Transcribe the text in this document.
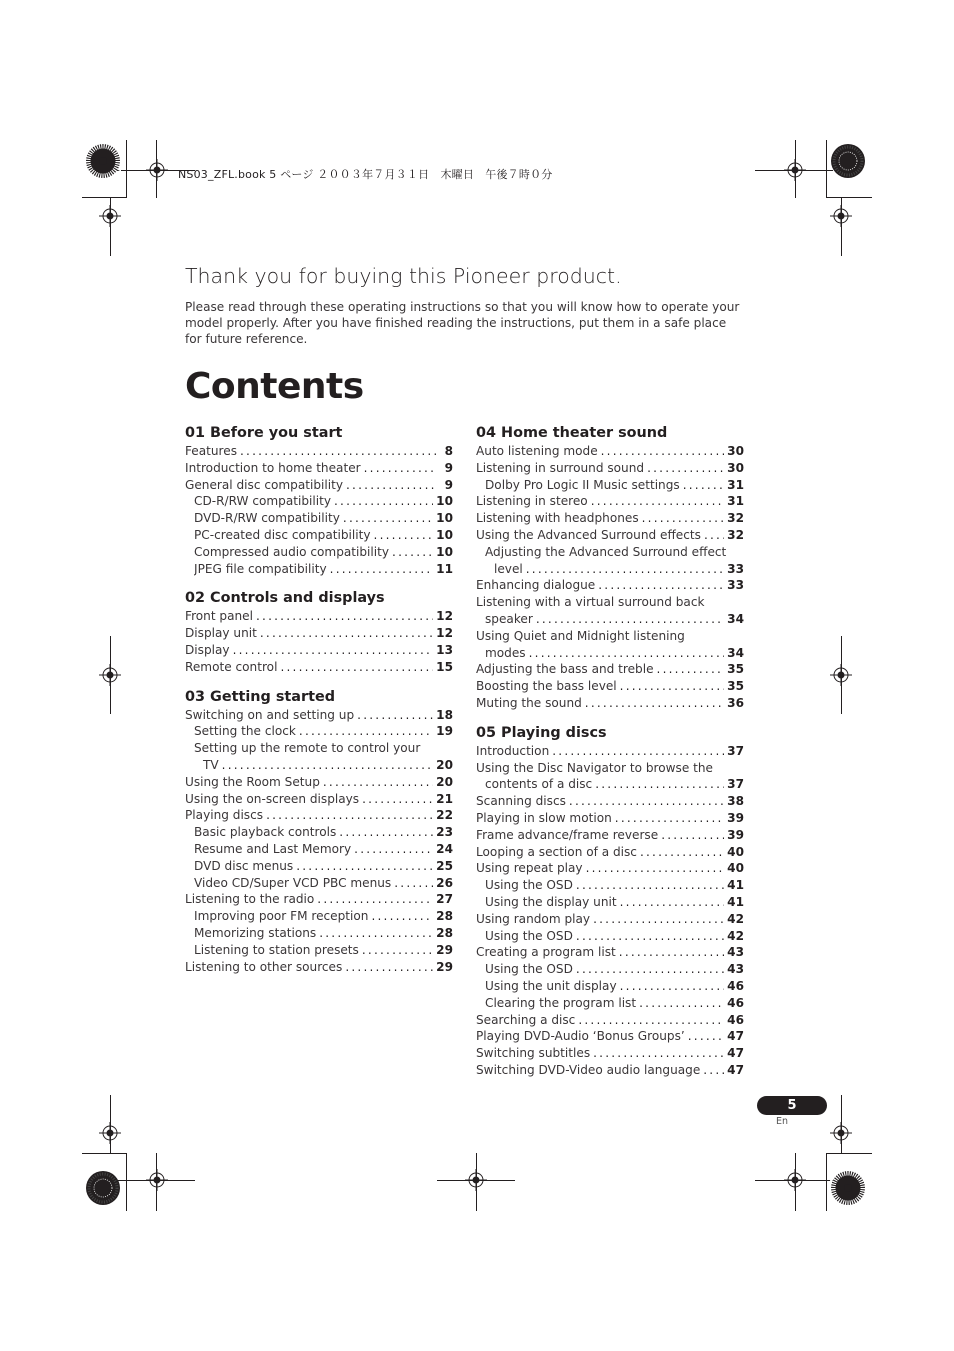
NS03_ZFL.book 5 ページ ２００３年７月３１日　木曜日　午後７時０分
Thank you for buying this Pioneer product.
Please read through these operating instructions so that you will know how to operate your model properly. After you have finished reading the instructions, put them in a safe place for future reference.
Contents
01 Before you start
Features .....	8
Introduction to home theater .....	9
General disc compatibility .....	9
CD-R/RW compatibility .....	10
DVD-R/RW compatibility .....	10
PC-created disc compatibility .....	10
Compressed audio compatibility .....	10
JPEG file compatibility .....	11
02 Controls and displays
Front panel .....	12
Display unit .....	12
Display .....	13
Remote control .....	15
03 Getting started
Switching on and setting up .....	18
Setting the clock .....	19
Setting up the remote to control your
TV .....	20
Using the Room Setup .....	20
Using the on-screen displays .....	21
Playing discs .....	22
Basic playback controls .....	23
Resume and Last Memory .....	24
DVD disc menus .....	25
Video CD/Super VCD PBC menus .....	26
Listening to the radio .....	27
Improving poor FM reception .....	28
Memorizing stations .....	28
Listening to station presets .....	29
Listening to other sources .....	29
04 Home theater sound
Auto listening mode .....	30
Listening in surround sound .....	30
Dolby Pro Logic II Music settings .....	31
Listening in stereo .....	31
Listening with headphones .....	32
Using the Advanced Surround effects ..... 32
Adjusting the Advanced Surround effect
level .....	33
Enhancing dialogue .....	33
Listening with a virtual surround back
speaker .....	34
Using Quiet and Midnight listening
modes .....	34
Adjusting the bass and treble .....	35
Boosting the bass level .....	35
Muting the sound .....	36
05 Playing discs
Introduction .....	37
Using the Disc Navigator to browse the
contents of a disc .....	37
Scanning discs .....	38
Playing in slow motion .....	39
Frame advance/frame reverse .....	39
Looping a section of a disc .....	40
Using repeat play .....	40
Using the OSD .....	41
Using the display unit .....	41
Using random play .....	42
Using the OSD .....	42
Creating a program list .....	43
Using the OSD .....	43
Using the unit display .....	46
Clearing the program list .....	46
Searching a disc .....	46
Playing DVD-Audio ‘Bonus Groups’ .....	47
Switching subtitles .....	47
Switching DVD-Video audio language ..... 47
5
En
